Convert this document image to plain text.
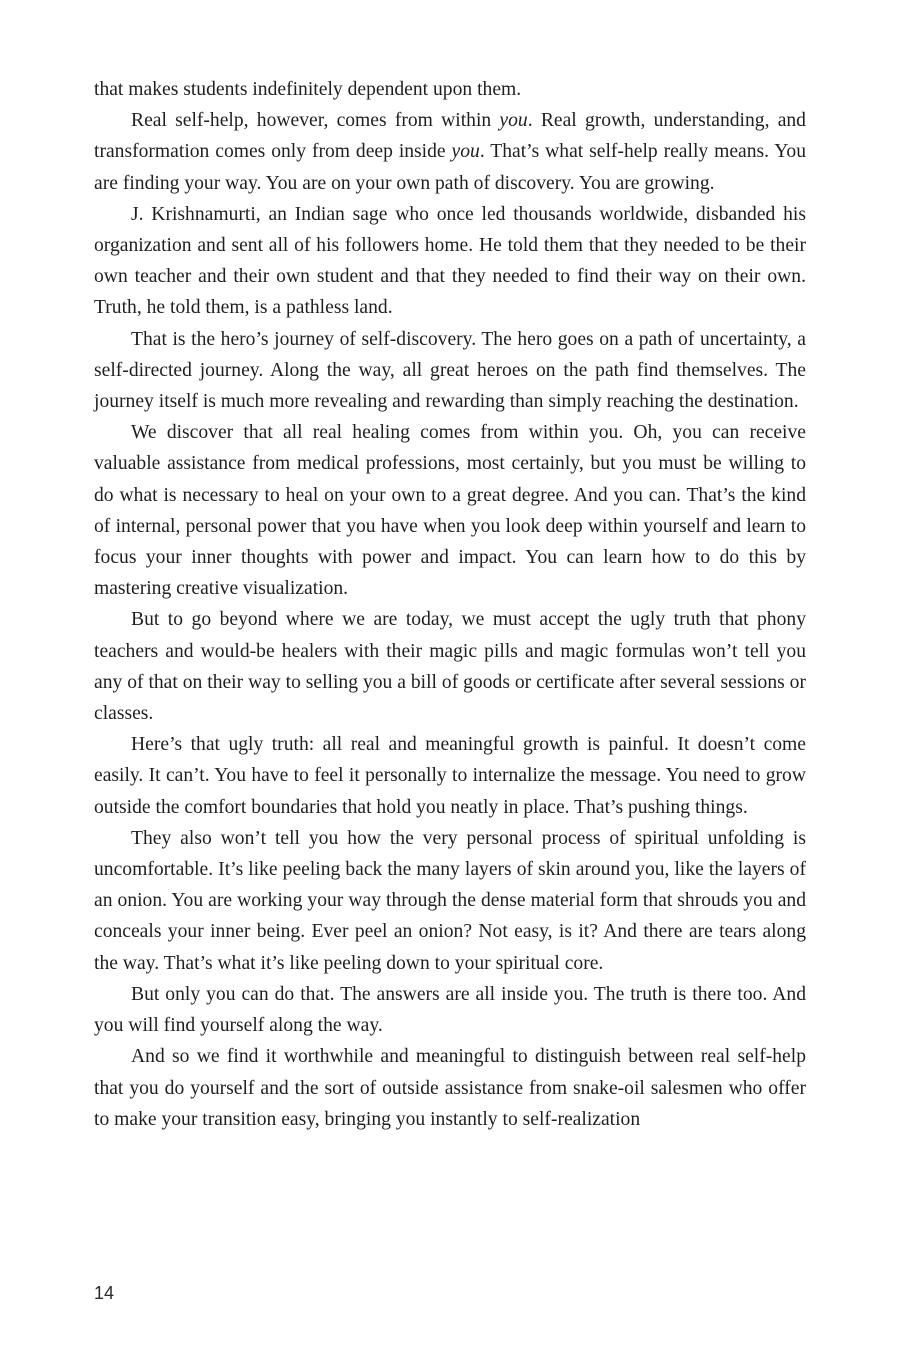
that makes students indefinitely dependent upon them.

Real self-help, however, comes from within you. Real growth, understanding, and transformation comes only from deep inside you. That’s what self-help really means. You are finding your way. You are on your own path of discovery. You are growing.

J. Krishnamurti, an Indian sage who once led thousands worldwide, disbanded his organization and sent all of his followers home. He told them that they needed to be their own teacher and their own student and that they needed to find their way on their own. Truth, he told them, is a pathless land.

That is the hero’s journey of self-discovery. The hero goes on a path of uncertainty, a self-directed journey. Along the way, all great heroes on the path find themselves. The journey itself is much more revealing and rewarding than simply reaching the destination.

We discover that all real healing comes from within you. Oh, you can receive valuable assistance from medical professions, most certainly, but you must be willing to do what is necessary to heal on your own to a great degree. And you can. That’s the kind of internal, personal power that you have when you look deep within yourself and learn to focus your inner thoughts with power and impact. You can learn how to do this by mastering creative visualization.

But to go beyond where we are today, we must accept the ugly truth that phony teachers and would-be healers with their magic pills and magic formulas won’t tell you any of that on their way to selling you a bill of goods or certificate after several sessions or classes.

Here’s that ugly truth: all real and meaningful growth is painful. It doesn’t come easily. It can’t. You have to feel it personally to internalize the message. You need to grow outside the comfort boundaries that hold you neatly in place. That’s pushing things.

They also won’t tell you how the very personal process of spiritual unfolding is uncomfortable. It’s like peeling back the many layers of skin around you, like the layers of an onion. You are working your way through the dense material form that shrouds you and conceals your inner being. Ever peel an onion? Not easy, is it? And there are tears along the way. That’s what it’s like peeling down to your spiritual core.

But only you can do that. The answers are all inside you. The truth is there too. And you will find yourself along the way.

And so we find it worthwhile and meaningful to distinguish between real self-help that you do yourself and the sort of outside assistance from snake-oil salesmen who offer to make your transition easy, bringing you instantly to self-realization

14
